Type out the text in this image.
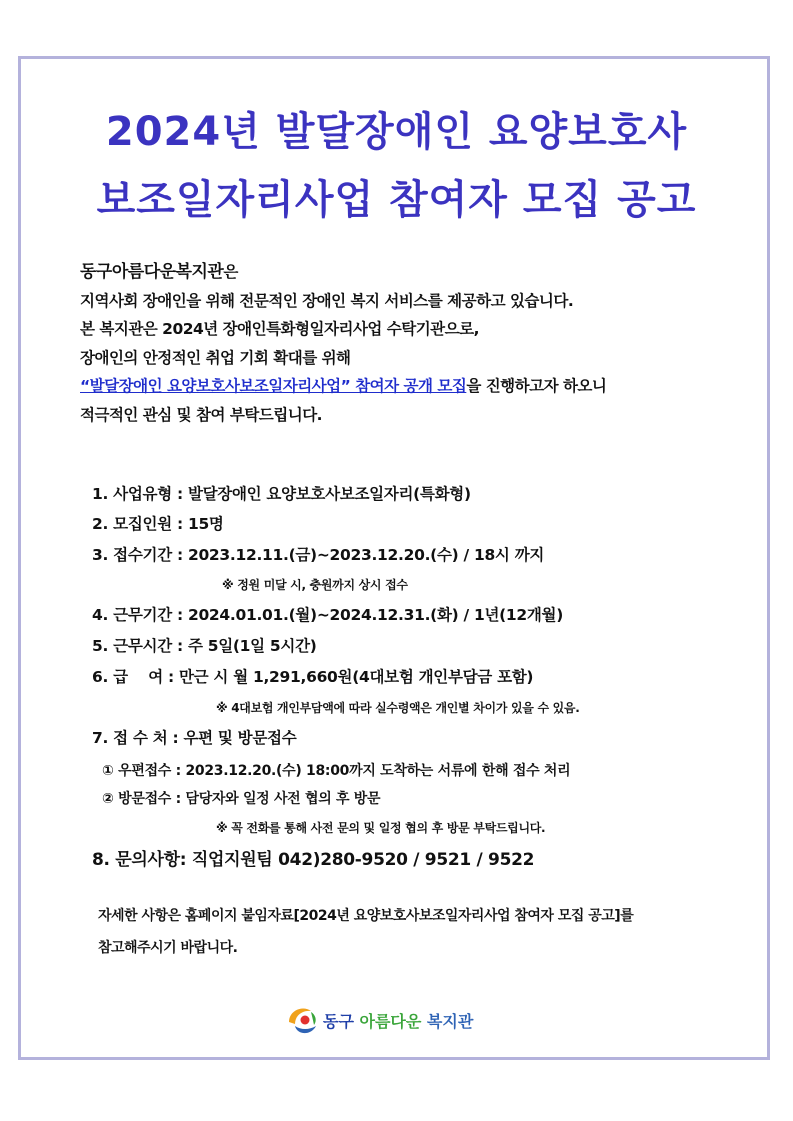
2024년 발달장애인 요양보호사
보조일자리사업 참여자 모집 공고

동구아름다운복지관은

지역사회 장애인을 위해 전문적인 장애인 복지 서비스를 제공하고 있습니다.

본 복지관은 2024년 장애인특화형일자리사업 수탁기관으로,

장애인의 안정적인 취업 기회 확대를 위해

“발달장애인 요양보호사보조일자리사업” 참여자 공개 모집을 진행하고자 하오니

적극적인 관심 및 참여 부탁드립니다.

1. 사업유형 : 발달장애인 요양보호사보조일자리(특화형)
2. 모집인원 : 15명
3. 접수기간 : 2023.12.11.(금)~2023.12.20.(수) / 18시 까지
※ 정원 미달 시, 충원까지 상시 접수
4. 근무기간 : 2024.01.01.(월)~2024.12.31.(화) / 1년(12개월)
5. 근무시간 : 주 5일(1일 5시간)
6. 급    여 : 만근 시 월 1,291,660원(4대보험 개인부담금 포함)
※ 4대보험 개인부담액에 따라 실수령액은 개인별 차이가 있을 수 있음.
7. 접 수 처 : 우편 및 방문접수
① 우편접수 : 2023.12.20.(수) 18:00까지 도착하는 서류에 한해 접수 처리
② 방문접수 : 담당자와 일정 사전 협의 후 방문
※ 꼭 전화를 통해 사전 문의 및 일정 협의 후 방문 부탁드립니다.
8. 문의사항: 직업지원팀 042)280-9520 / 9521 / 9522

자세한 사항은 홈페이지 붙임자료[2024년 요양보호사보조일자리사업 참여자 모집 공고]를

참고해주시기 바랍니다.

동구 아름다운 복지관
